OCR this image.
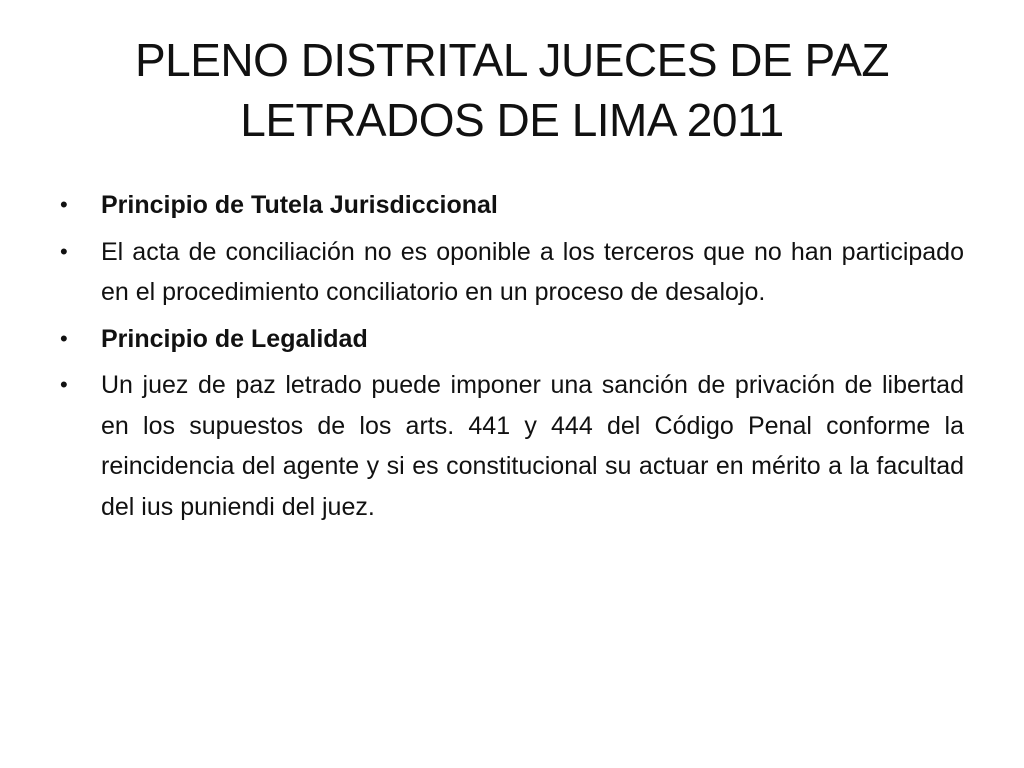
PLENO DISTRITAL JUECES DE PAZ
LETRADOS DE LIMA 2011
•	Principio de Tutela Jurisdiccional
•	El acta de conciliación no es oponible a los terceros que no han participado en el procedimiento conciliatorio en un proceso de desalojo.
•	Principio de Legalidad
•	Un juez de paz letrado puede imponer una sanción de privación de libertad en los supuestos de los arts. 441 y 444 del Código Penal conforme la reincidencia del agente y si es constitucional su actuar en mérito a la facultad del ius puniendi del juez.
